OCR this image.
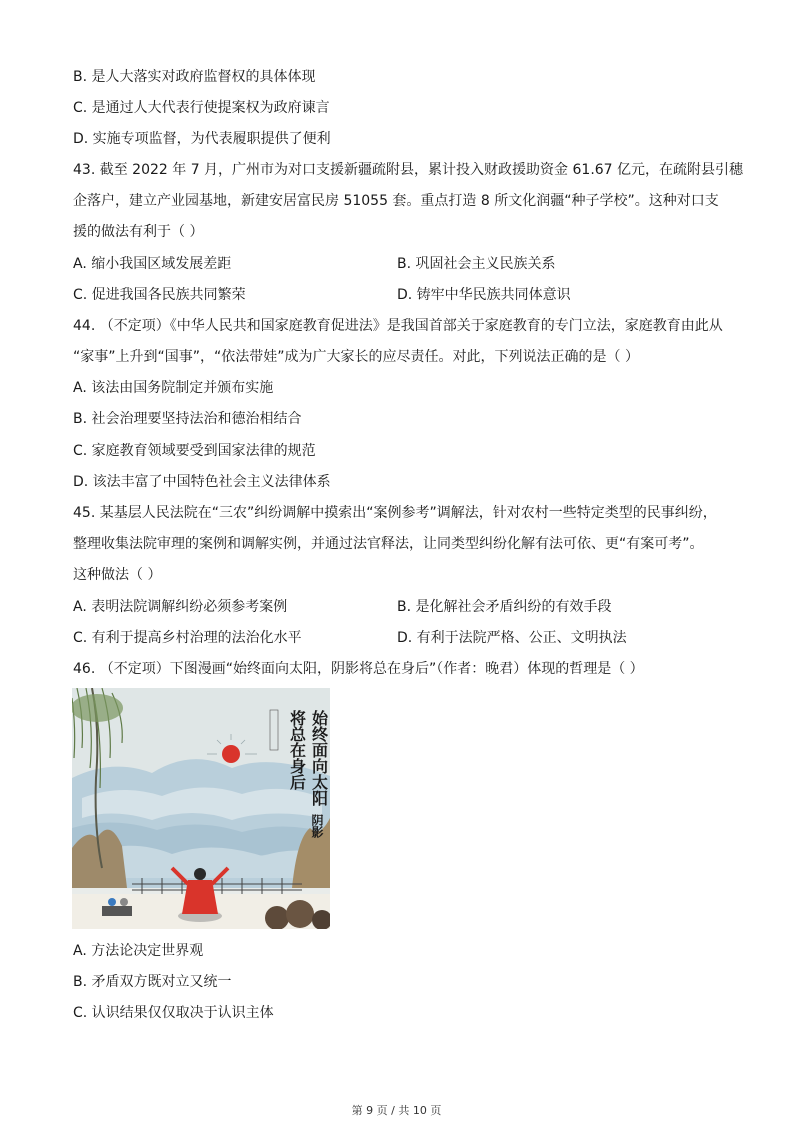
B. 是人大落实对政府监督权的具体体现
C. 是通过人大代表行使提案权为政府谏言
D. 实施专项监督，为代表履职提供了便利
43. 截至 2022 年 7 月，广州市为对口支援新疆疏附县，累计投入财政援助资金 61.67 亿元，在疏附县引穗
企落户，建立产业园基地，新建安居富民房 51055 套。重点打造 8 所文化润疆“种子学校”。这种对口支
援的做法有利于（ ）
A. 缩小我国区域发展差距	B. 巩固社会主义民族关系
C. 促进我国各民族共同繁荣	D. 铸牢中华民族共同体意识
44. （不定项）《中华人民共和国家庭教育促进法》是我国首部关于家庭教育的专门立法，家庭教育由此从
“家事”上升到“国事”，“依法带娃”成为广大家长的应尽责任。对此，下列说法正确的是（ ）
A. 该法由国务院制定并颁布实施
B. 社会治理要坚持法治和德治相结合
C. 家庭教育领域要受到国家法律的规范
D. 该法丰富了中国特色社会主义法律体系
45. 某基层人民法院在“三农”纠纷调解中摸索出“案例参考”调解法，针对农村一些特定类型的民事纠纷，
整理收集法院审理的案例和调解实例，并通过法官释法，让同类型纠纷化解有法可依、更“有案可考”。
这种做法（ ）
A. 表明法院调解纠纷必须参考案例	B. 是化解社会矛盾纠纷的有效手段
C. 有利于提高乡村治理的法治化水平	D. 有利于法院严格、公正、文明执法
46. （不定项）下图漫画“始终面向太阳，阴影将总在身后”（作者：晚君）体现的哲理是（ ）
始终面向太阳
阴影
将总在身后
A. 方法论决定世界观
B. 矛盾双方既对立又统一
C. 认识结果仅仅取决于认识主体
第 9 页 / 共 10 页
